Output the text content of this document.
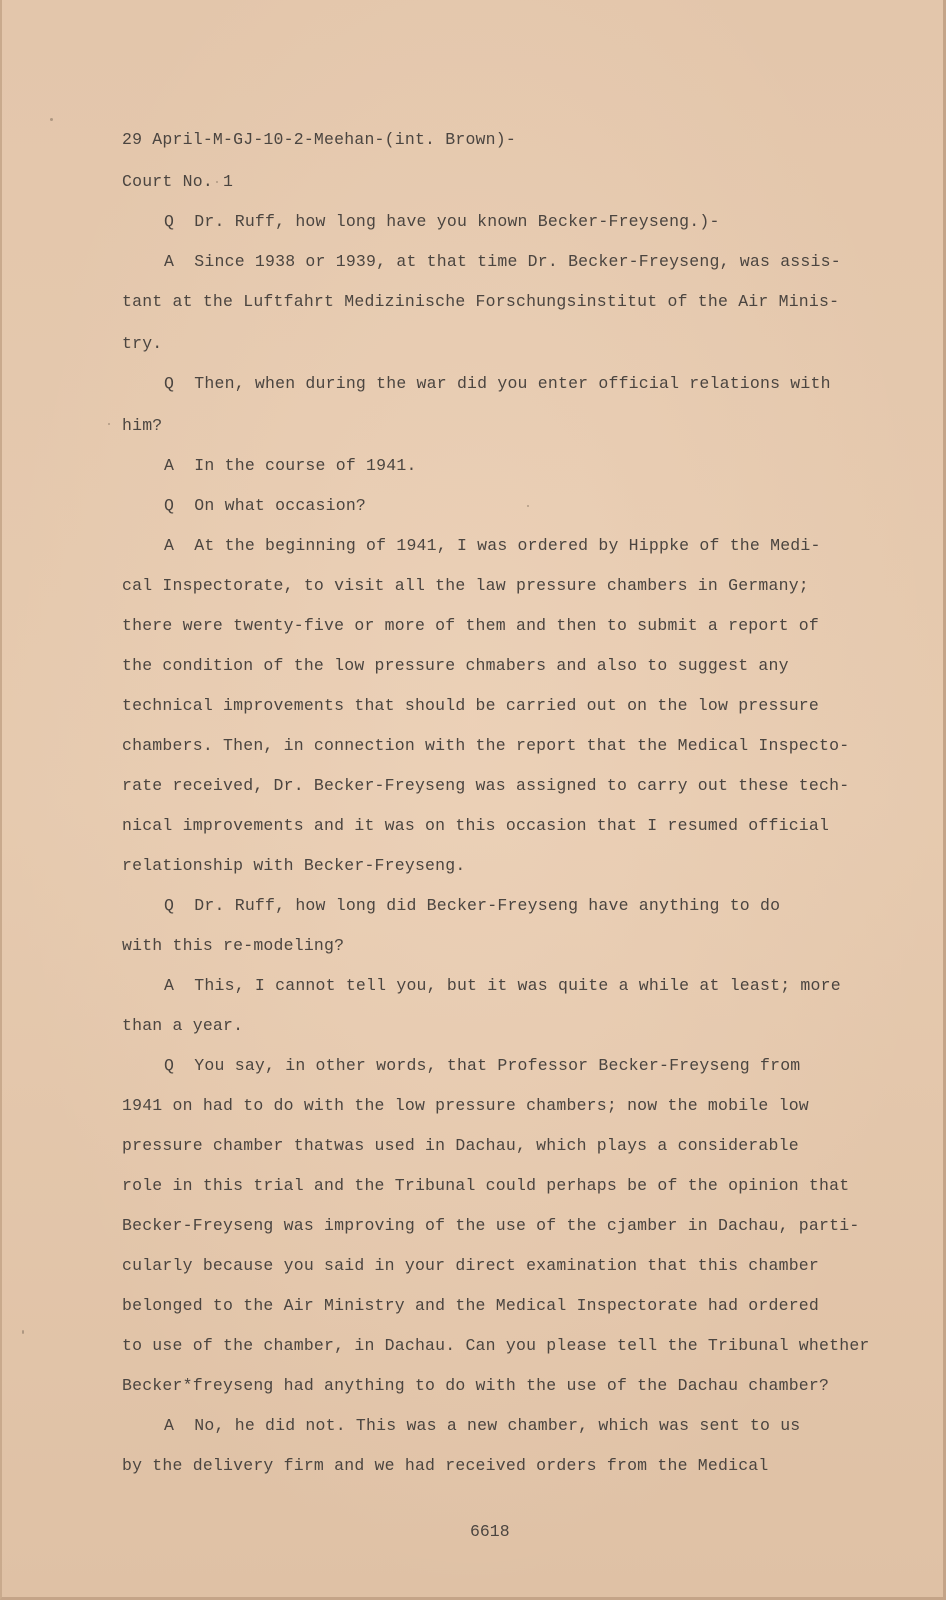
29 April-M-GJ-10-2-Meehan-(int. Brown)-
Court No. 1
Q  Dr. Ruff, how long have you known Becker-Freyseng.)-
A  Since 1938 or 1939, at that time Dr. Becker-Freyseng, was assis-
tant at the Luftfahrt Medizinische Forschungsinstitut of the Air Minis-
try.
Q  Then, when during the war did you enter official relations with
him?
A  In the course of 1941.
Q  On what occasion?
A  At the beginning of 1941, I was ordered by Hippke of the Medi-
cal Inspectorate, to visit all the law pressure chambers in Germany;
there were twenty-five or more of them and then to submit a report of
the condition of the low pressure chmabers and also to suggest any
technical improvements that should be carried out on the low pressure
chambers. Then, in connection with the report that the Medical Inspecto-
rate received, Dr. Becker-Freyseng was assigned to carry out these tech-
nical improvements and it was on this occasion that I resumed official
relationship with Becker-Freyseng.
Q  Dr. Ruff, how long did Becker-Freyseng have anything to do
with this re-modeling?
A  This, I cannot tell you, but it was quite a while at least; more
than a year.
Q  You say, in other words, that Professor Becker-Freyseng from
1941 on had to do with the low pressure chambers; now the mobile low
pressure chamber thatwas used in Dachau, which plays a considerable
role in this trial and the Tribunal could perhaps be of the opinion that
Becker-Freyseng was improving of the use of the cjamber in Dachau, parti-
cularly because you said in your direct examination that this chamber
belonged to the Air Ministry and the Medical Inspectorate had ordered
to use of the chamber, in Dachau. Can you please tell the Tribunal whether
Becker*freyseng had anything to do with the use of the Dachau chamber?
A  No, he did not. This was a new chamber, which was sent to us
by the delivery firm and we had received orders from the Medical
6618
